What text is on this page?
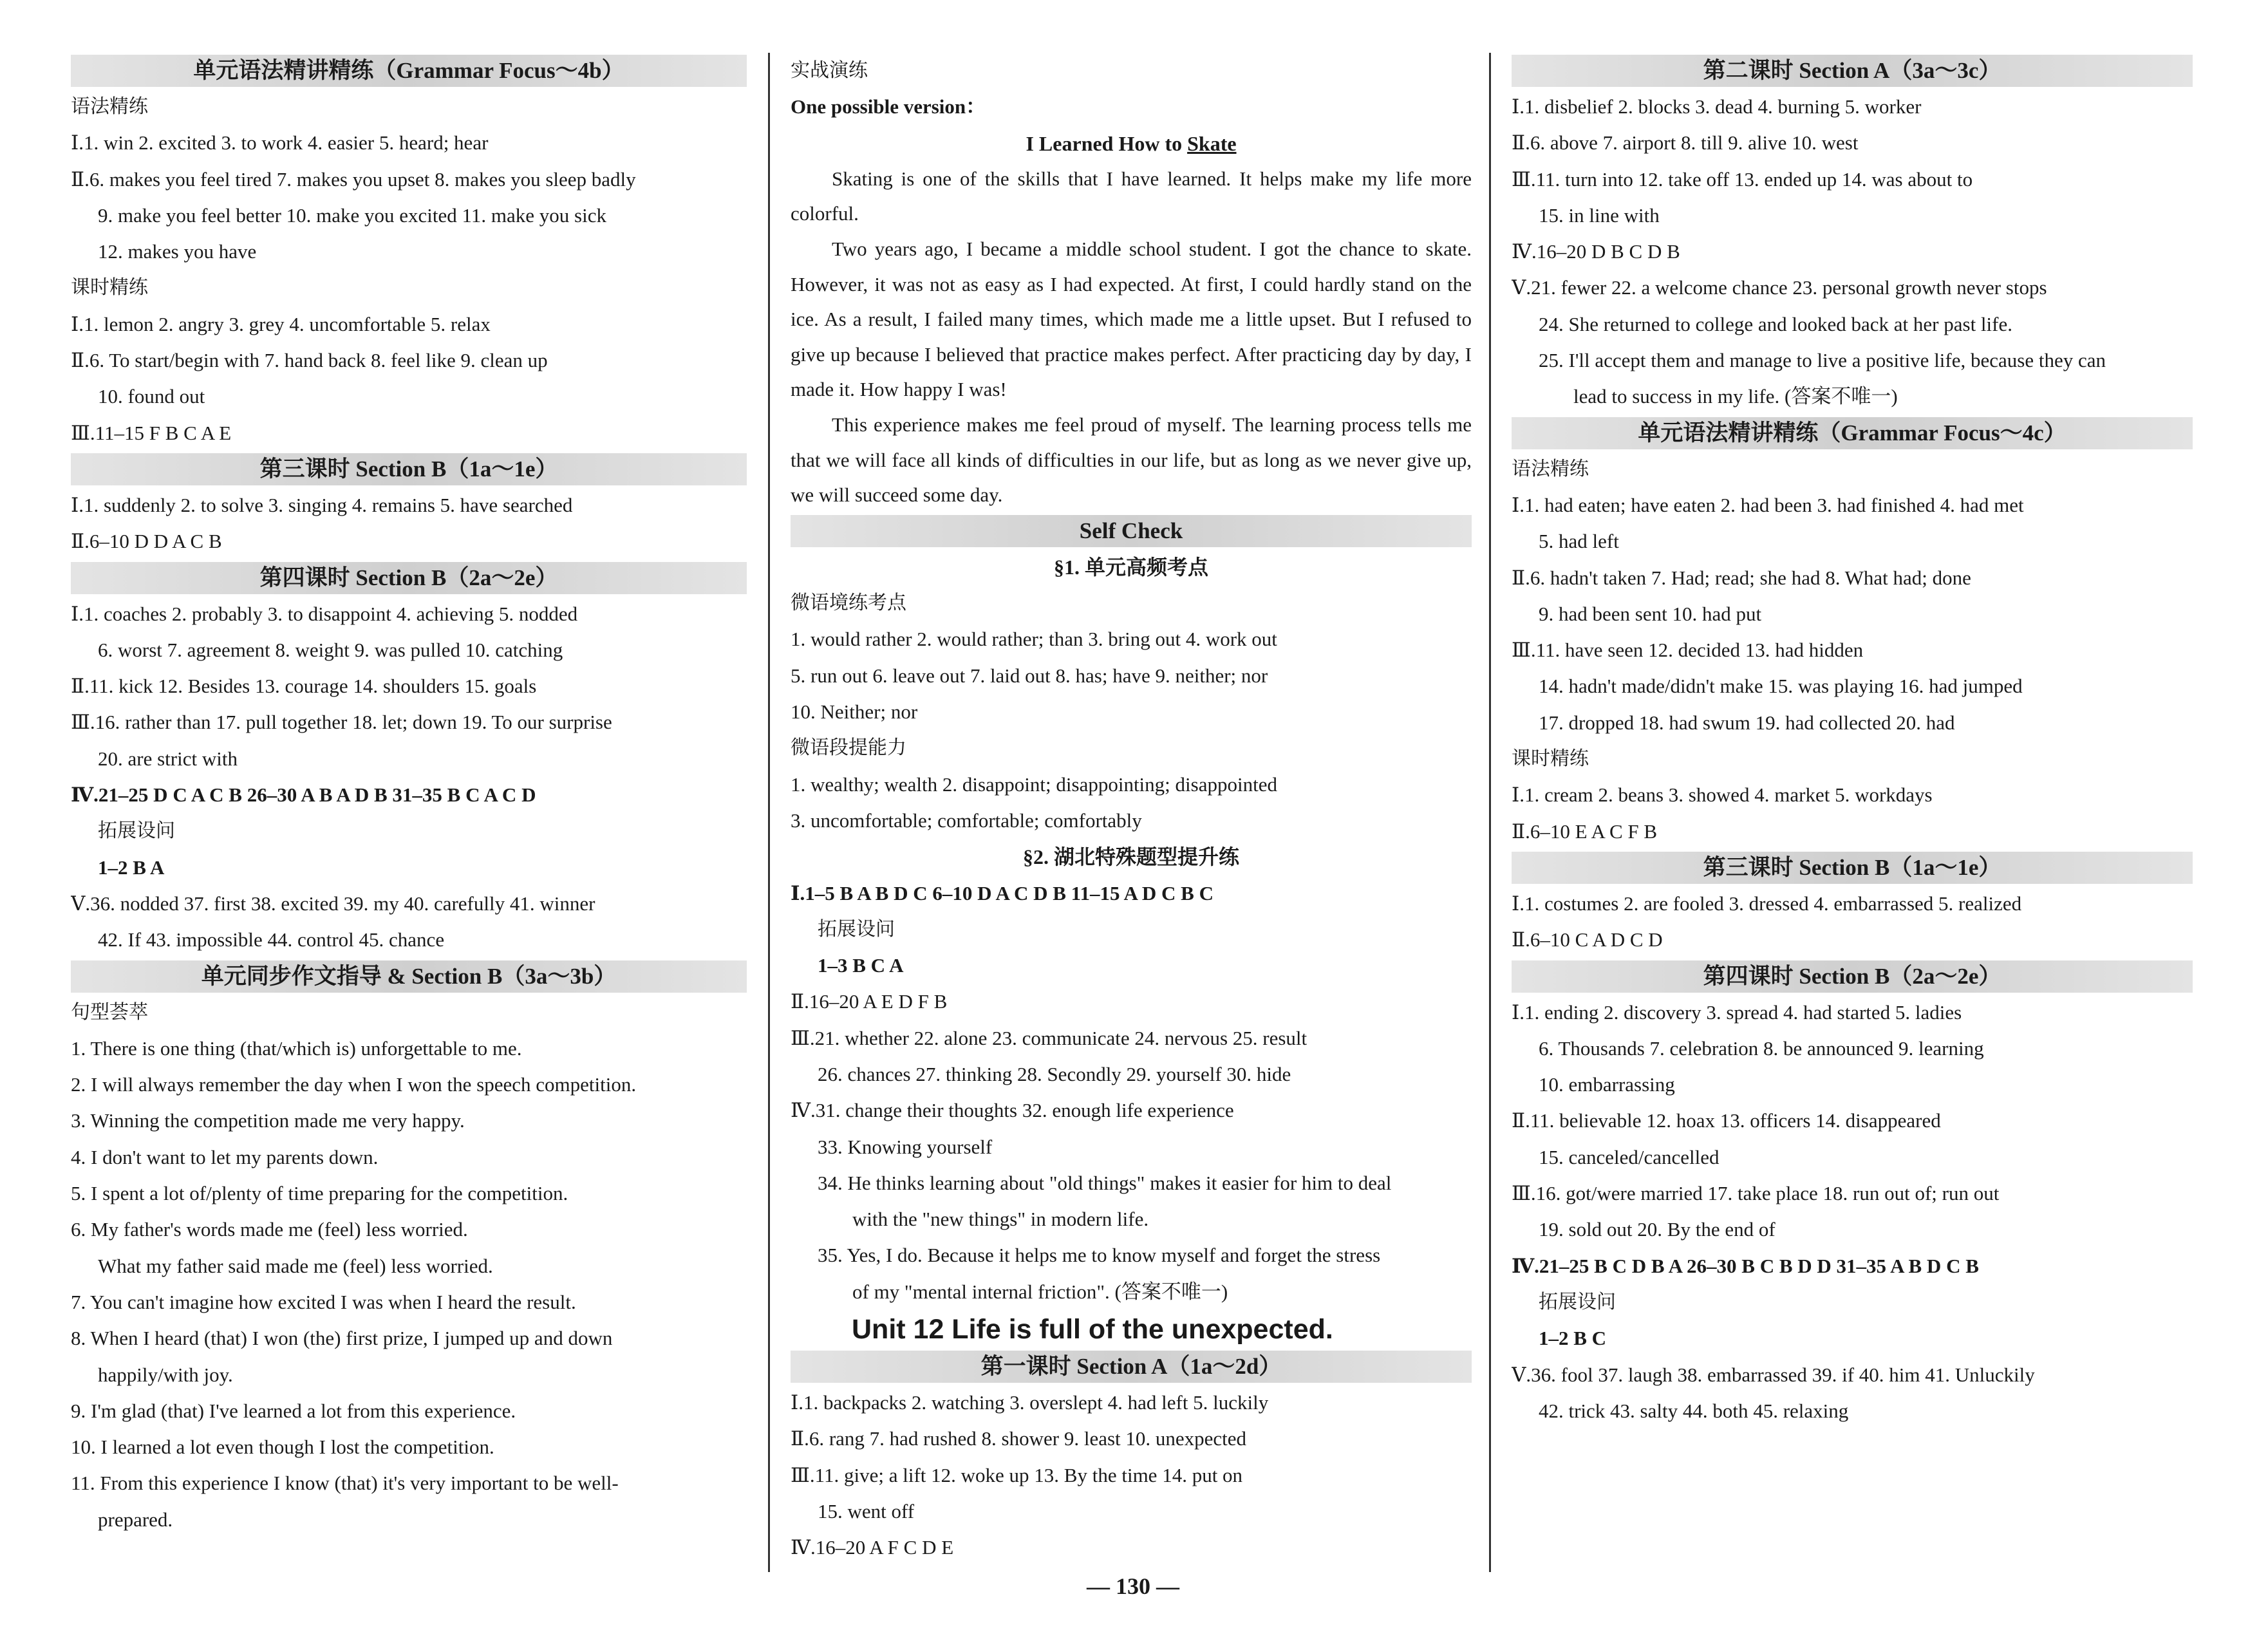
单元语法精讲精练（Grammar Focus～4b）
语法精练
Ⅰ.1. win 2. excited 3. to work 4. easier 5. heard; hear
Ⅱ.6. makes you feel tired 7. makes you upset 8. makes you sleep badly
9. make you feel better 10. make you excited 11. make you sick
12. makes you have
课时精练
Ⅰ.1. lemon 2. angry 3. grey 4. uncomfortable 5. relax
Ⅱ.6. To start/begin with 7. hand back 8. feel like 9. clean up
10. found out
Ⅲ.11–15 F B C A E
第三课时 Section B（1a～1e）
Ⅰ.1. suddenly 2. to solve 3. singing 4. remains 5. have searched
Ⅱ.6–10 D D A C B
第四课时 Section B（2a～2e）
Ⅰ.1. coaches 2. probably 3. to disappoint 4. achieving 5. nodded
6. worst 7. agreement 8. weight 9. was pulled 10. catching
Ⅱ.11. kick 12. Besides 13. courage 14. shoulders 15. goals
Ⅲ.16. rather than 17. pull together 18. let; down 19. To our surprise
20. are strict with
Ⅳ.21–25 D C A C B 26–30 A B A D B 31–35 B C A C D
拓展设问
1–2 B A
Ⅴ.36. nodded 37. first 38. excited 39. my 40. carefully 41. winner
42. If 43. impossible 44. control 45. chance
单元同步作文指导 & Section B（3a～3b）
句型荟萃
1. There is one thing (that/which is) unforgettable to me.
2. I will always remember the day when I won the speech competition.
3. Winning the competition made me very happy.
4. I don't want to let my parents down.
5. I spent a lot of/plenty of time preparing for the competition.
6. My father's words made me (feel) less worried.
What my father said made me (feel) less worried.
7. You can't imagine how excited I was when I heard the result.
8. When I heard (that) I won (the) first prize, I jumped up and down
happily/with joy.
9. I'm glad (that) I've learned a lot from this experience.
10. I learned a lot even though I lost the competition.
11. From this experience I know (that) it's very important to be well-
prepared.
实战演练
One possible version：
I Learned How to Skate
Skating is one of the skills that I have learned. It helps make my life more colorful.
Two years ago, I became a middle school student. I got the chance to skate. However, it was not as easy as I had expected. At first, I could hardly stand on the ice. As a result, I failed many times, which made me a little upset. But I refused to give up because I believed that practice makes perfect. After practicing day by day, I made it. How happy I was!
This experience makes me feel proud of myself. The learning process tells me that we will face all kinds of difficulties in our life, but as long as we never give up, we will succeed some day.
Self Check
§1. 单元高频考点
微语境练考点
1. would rather 2. would rather; than 3. bring out 4. work out
5. run out 6. leave out 7. laid out 8. has; have 9. neither; nor
10. Neither; nor
微语段提能力
1. wealthy; wealth 2. disappoint; disappointing; disappointed
3. uncomfortable; comfortable; comfortably
§2. 湖北特殊题型提升练
Ⅰ.1–5 B A B D C 6–10 D A C D B 11–15 A D C B C
拓展设问
1–3 B C A
Ⅱ.16–20 A E D F B
Ⅲ.21. whether 22. alone 23. communicate 24. nervous 25. result
26. chances 27. thinking 28. Secondly 29. yourself 30. hide
Ⅳ.31. change their thoughts 32. enough life experience
33. Knowing yourself
34. He thinks learning about "old things" makes it easier for him to deal
with the "new things" in modern life.
35. Yes, I do. Because it helps me to know myself and forget the stress
of my "mental internal friction". (答案不唯一)
Unit 12 Life is full of the unexpected.
第一课时 Section A（1a～2d）
Ⅰ.1. backpacks 2. watching 3. overslept 4. had left 5. luckily
Ⅱ.6. rang 7. had rushed 8. shower 9. least 10. unexpected
Ⅲ.11. give; a lift 12. woke up 13. By the time 14. put on
15. went off
Ⅳ.16–20 A F C D E
第二课时 Section A（3a～3c）
Ⅰ.1. disbelief 2. blocks 3. dead 4. burning 5. worker
Ⅱ.6. above 7. airport 8. till 9. alive 10. west
Ⅲ.11. turn into 12. take off 13. ended up 14. was about to
15. in line with
Ⅳ.16–20 D B C D B
Ⅴ.21. fewer 22. a welcome chance 23. personal growth never stops
24. She returned to college and looked back at her past life.
25. I'll accept them and manage to live a positive life, because they can
lead to success in my life. (答案不唯一)
单元语法精讲精练（Grammar Focus～4c）
语法精练
Ⅰ.1. had eaten; have eaten 2. had been 3. had finished 4. had met
5. had left
Ⅱ.6. hadn't taken 7. Had; read; she had 8. What had; done
9. had been sent 10. had put
Ⅲ.11. have seen 12. decided 13. had hidden
14. hadn't made/didn't make 15. was playing 16. had jumped
17. dropped 18. had swum 19. had collected 20. had
课时精练
Ⅰ.1. cream 2. beans 3. showed 4. market 5. workdays
Ⅱ.6–10 E A C F B
第三课时 Section B（1a～1e）
Ⅰ.1. costumes 2. are fooled 3. dressed 4. embarrassed 5. realized
Ⅱ.6–10 C A D C D
第四课时 Section B（2a～2e）
Ⅰ.1. ending 2. discovery 3. spread 4. had started 5. ladies
6. Thousands 7. celebration 8. be announced 9. learning
10. embarrassing
Ⅱ.11. believable 12. hoax 13. officers 14. disappeared
15. canceled/cancelled
Ⅲ.16. got/were married 17. take place 18. run out of; run out
19. sold out 20. By the end of
Ⅳ.21–25 B C D B A 26–30 B C B D D 31–35 A B D C B
拓展设问
1–2 B C
Ⅴ.36. fool 37. laugh 38. embarrassed 39. if 40. him 41. Unluckily
42. trick 43. salty 44. both 45. relaxing
— 130 —
